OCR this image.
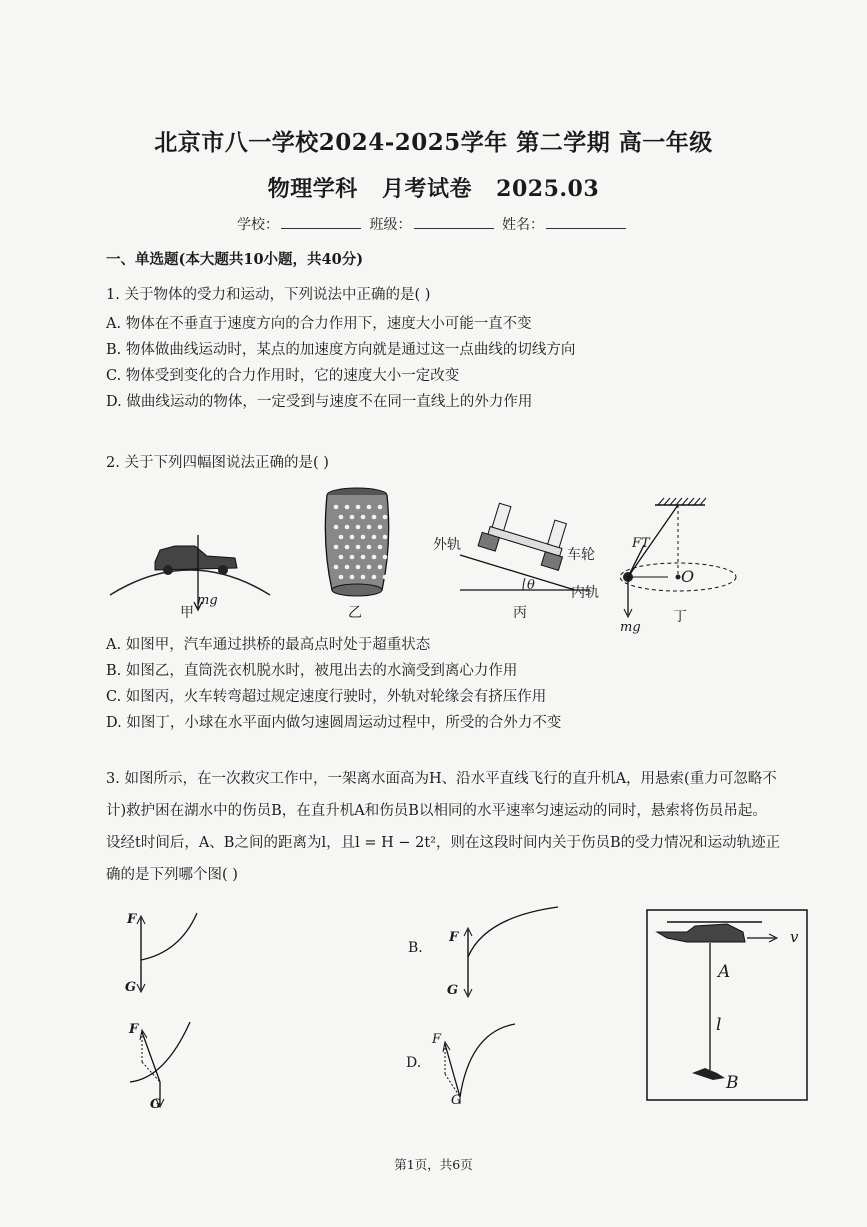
北京市八一学校2024-2025学年 第二学期 高一年级
物理学科 月考试卷 2025.03
学校：	班级：	姓名：
一、单选题(本大题共10小题，共40分)
1. 关于物体的受力和运动，下列说法中正确的是( )
A. 物体在不垂直于速度方向的合力作用下，速度大小可能一直不变
B. 物体做曲线运动时，某点的加速度方向就是通过这一点曲线的切线方向
C. 物体受到变化的合力作用时，它的速度大小一定改变
D. 做曲线运动的物体，一定受到与速度不在同一直线上的外力作用
2. 关于下列四幅图说法正确的是( )
mg
甲	乙
外轨
车轮
内轨
θ
丙
FT
O
mg
丁
A. 如图甲，汽车通过拱桥的最高点时处于超重状态
B. 如图乙，直筒洗衣机脱水时，被甩出去的水滴受到离心力作用
C. 如图丙，火车转弯超过规定速度行驶时，外轨对轮缘会有挤压作用
D. 如图丁，小球在水平面内做匀速圆周运动过程中，所受的合外力不变
3. 如图所示，在一次救灾工作中，一架离水面高为H、沿水平直线飞行的直升机A，用悬索(重力可忽略不
计)救护困在湖水中的伤员B，在直升机A和伤员B以相同的水平速率匀速运动的同时，悬索将伤员吊起。
设经t时间后，A、B之间的距离为l，且l = H − 2t²，则在这段时间内关于伤员B的受力情况和运动轨迹正
确的是下列哪个图( )
F
G
B.
F
G
F
G
D.
F
G
v
A
l
B
第1页，共6页
